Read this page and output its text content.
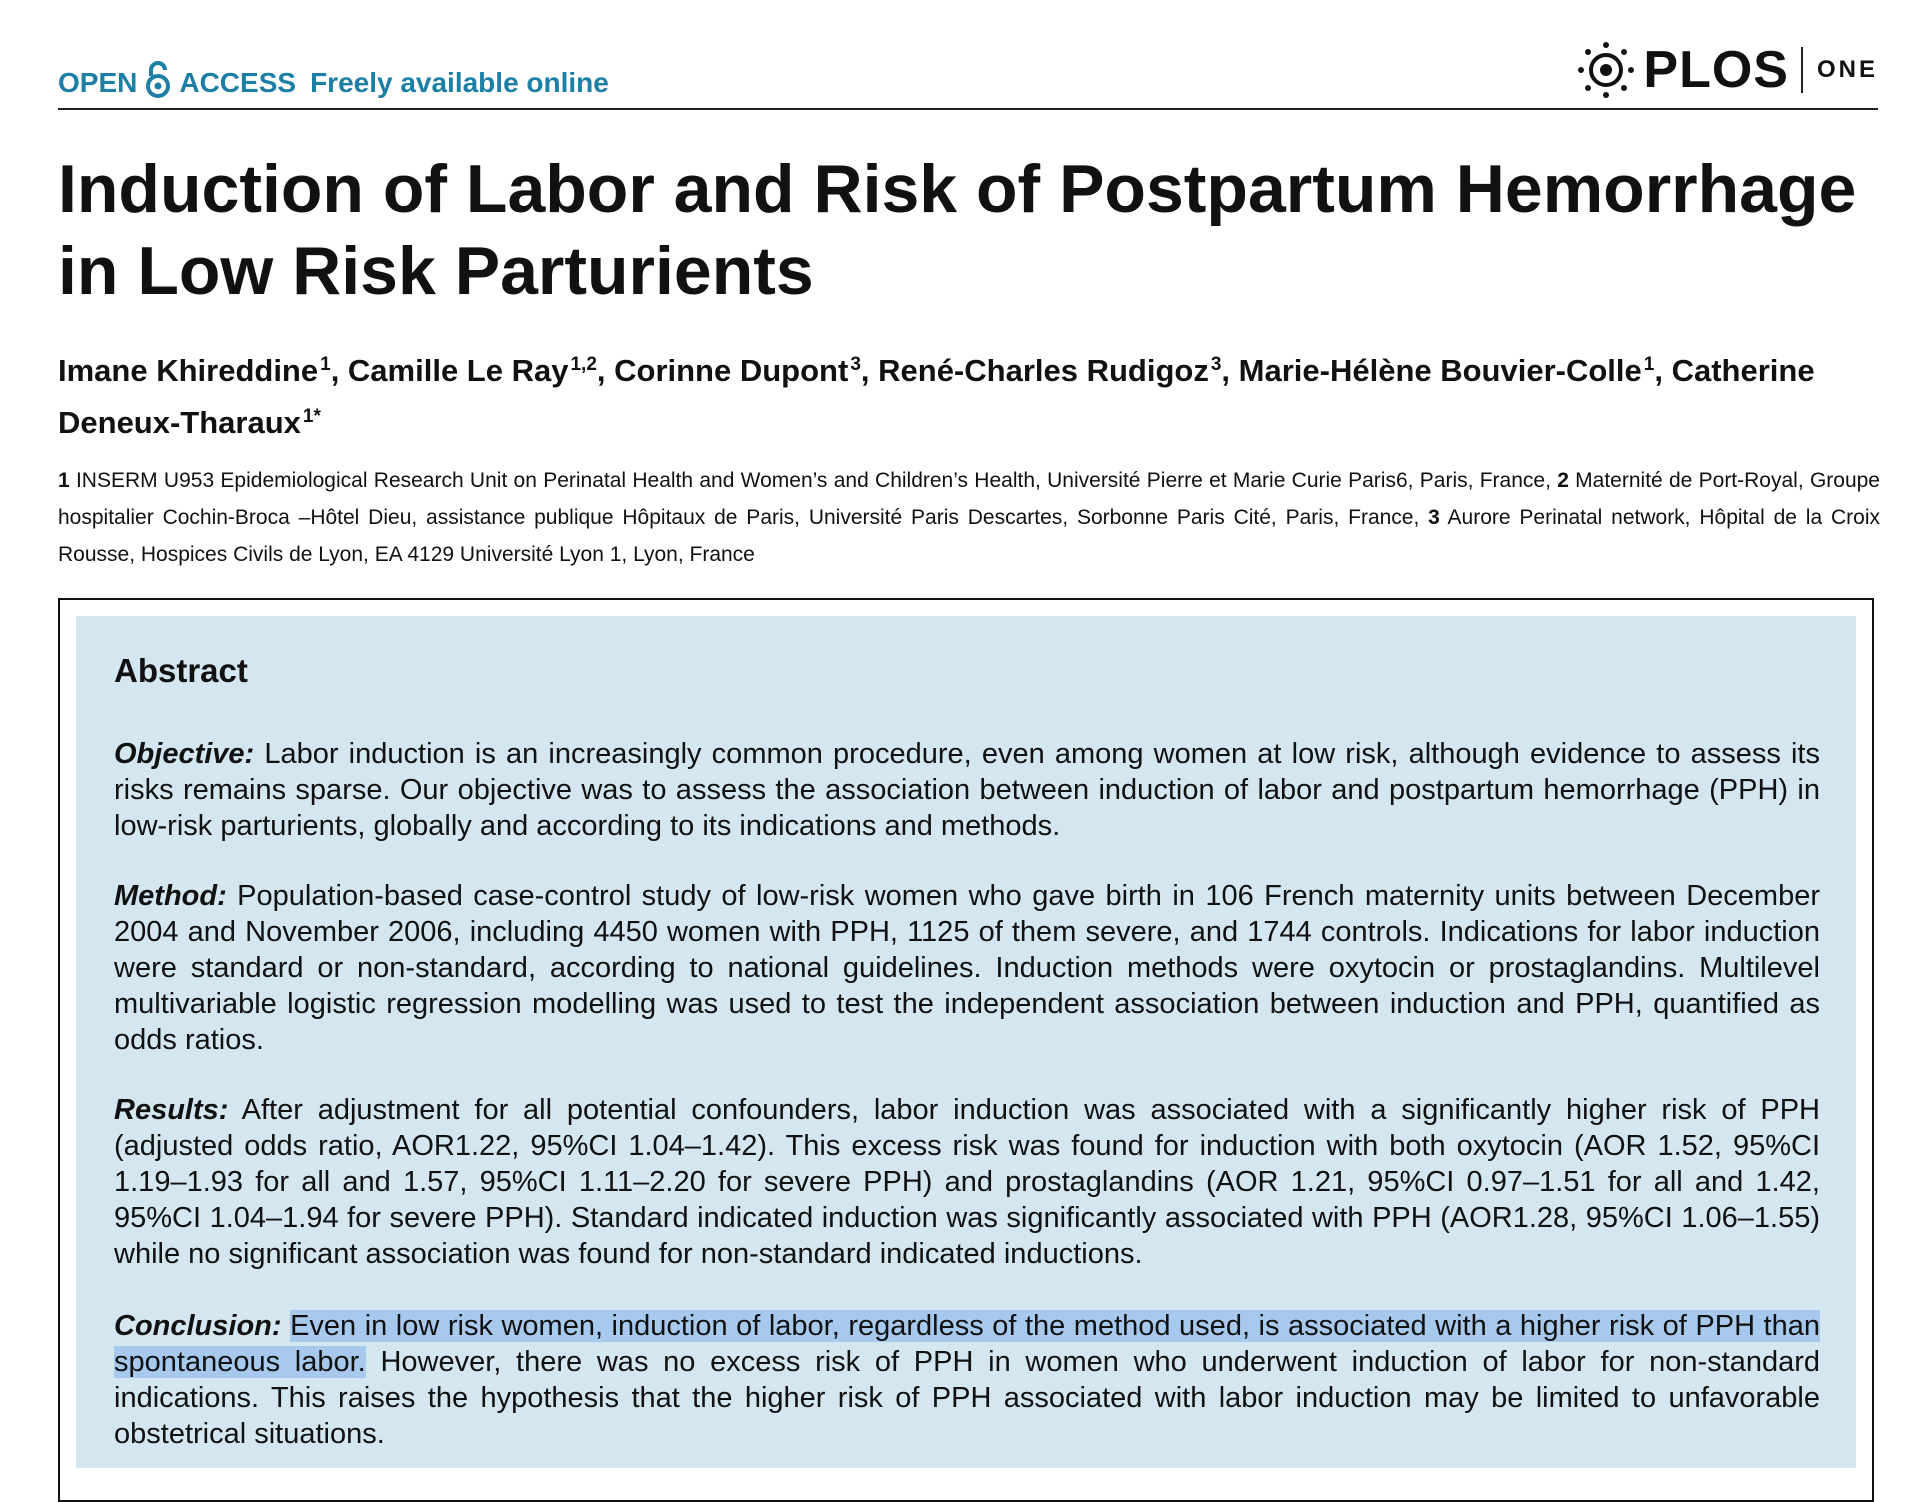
OPEN ACCESS Freely available online	PLOS ONE
Induction of Labor and Risk of Postpartum Hemorrhage in Low Risk Parturients

Imane Khireddine $^1$, Camille Le Ray $^{1,2}$, Corinne Dupont $^3$, René-Charles Rudigoz $^3$, Marie-Hélène Bouvier-Colle $^1$, Catherine Deneux-Tharaux $^{1*}$

1 INSERM U953 Epidemiological Research Unit on Perinatal Health and Women’s and Children’s Health, Université Pierre et Marie Curie Paris6, Paris, France, 2 Maternité de Port-Royal, Groupe hospitalier Cochin-Broca –Hôtel Dieu, assistance publique Hôpitaux de Paris, Université Paris Descartes, Sorbonne Paris Cité, Paris, France, 3 Aurore Perinatal network, Hôpital de la Croix Rousse, Hospices Civils de Lyon, EA 4129 Université Lyon 1, Lyon, France

Abstract

Objective: Labor induction is an increasingly common procedure, even among women at low risk, although evidence to assess its risks remains sparse. Our objective was to assess the association between induction of labor and postpartum hemorrhage (PPH) in low-risk parturients, globally and according to its indications and methods.

Method: Population-based case-control study of low-risk women who gave birth in 106 French maternity units between December 2004 and November 2006, including 4450 women with PPH, 1125 of them severe, and 1744 controls. Indications for labor induction were standard or non-standard, according to national guidelines. Induction methods were oxytocin or prostaglandins. Multilevel multivariable logistic regression modelling was used to test the independent association between induction and PPH, quantified as odds ratios.

Results: After adjustment for all potential confounders, labor induction was associated with a significantly higher risk of PPH (adjusted odds ratio, AOR1.22, 95%CI 1.04–1.42). This excess risk was found for induction with both oxytocin (AOR 1.52, 95%CI 1.19–1.93 for all and 1.57, 95%CI 1.11–2.20 for severe PPH) and prostaglandins (AOR 1.21, 95%CI 0.97–1.51 for all and 1.42, 95%CI 1.04–1.94 for severe PPH). Standard indicated induction was significantly associated with PPH (AOR1.28, 95%CI 1.06–1.55) while no significant association was found for non-standard indicated inductions.

Conclusion: Even in low risk women, induction of labor, regardless of the method used, is associated with a higher risk of PPH than spontaneous labor. However, there was no excess risk of PPH in women who underwent induction of labor for non-standard indications. This raises the hypothesis that the higher risk of PPH associated with labor induction may be limited to unfavorable obstetrical situations.
